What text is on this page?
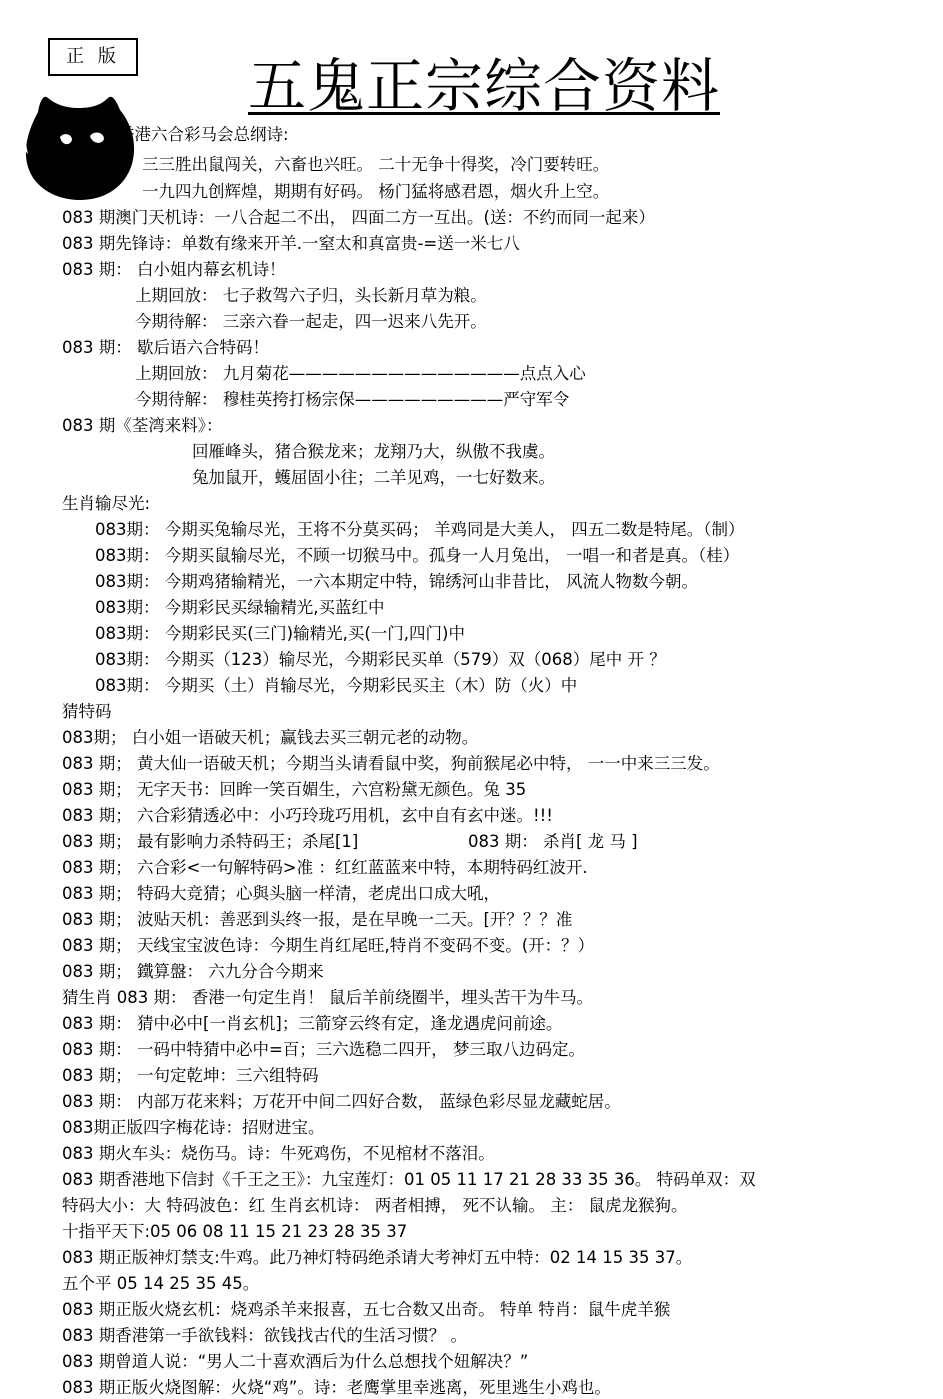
正 版	五鬼正宗综合资料
香港六合彩马会总纲诗:
三三胜出鼠闯关，六畜也兴旺。 二十无争十得奖，冷门要转旺。
一九四九创辉煌，期期有好码。 杨门猛将感君恩，烟火升上空。
083 期澳门天机诗：一八合起二不出， 四面二方一互出。(送：不约而同一起来）
083 期先锋诗：单数有缘来开羊.一窒太和真富贵-=送一米七八
083 期： 白小姐内幕玄机诗！
上期回放： 七子救驾六子归，头长新月草为粮。
今期待解： 三亲六眷一起走，四一迟来八先开。
083 期： 歇后语六合特码！
上期回放： 九月菊花——————————————点点入心
今期待解： 穆桂英挎打杨宗保—————————严守军令
083 期《荃湾来料》：
回雁峰头，猪合猴龙来；龙翔乃大，纵傲不我虞。
兔加鼠开，蠖屈固小往；二羊见鸡，一七好数来。
生肖输尽光:
083期： 今期买兔输尽光，王将不分莫买码； 羊鸡同是大美人， 四五二数是特尾。（制）
083期： 今期买鼠输尽光，不顾一切猴马中。孤身一人月兔出， 一唱一和者是真。（桂）
083期： 今期鸡猪输精光，一六本期定中特，锦绣河山非昔比， 风流人物数今朝。
083期： 今期彩民买绿输精光,买蓝红中
083期： 今期彩民买(三门)输精光,买(一门,四门)中
083期： 今期买（123）输尽光，今期彩民买单（579）双（068）尾中 开 ？
083期： 今期买（土）肖输尽光，今期彩民买主（木）防（火）中
猜特码
083期； 白小姐一语破天机；赢钱去买三朝元老的动物。
083 期； 黄大仙一语破天机；今期当头请看鼠中奖，狗前猴尾必中特， 一一中来三三发。
083 期； 无字天书：回眸一笑百媚生，六宫粉黛无颜色。兔 35
083 期； 六合彩猜透必中：小巧玲珑巧用机，玄中自有玄中迷。!!!
083 期； 最有影响力杀特码王；杀尾[1]	083 期： 杀肖[ 龙 马 ]
083 期； 六合彩<一句解特码>准 ：红红蓝蓝来中特，本期特码红波开.
083 期； 特码大竞猜；心與头脑一样清，老虎出口成大吼，
083 期； 波贴天机：善恶到头终一报，是在早晚一二天。[开？？？准
083 期； 天线宝宝波色诗：今期生肖红尾旺,特肖不变码不变。(开：？）
083 期； 鐵算盤： 六九分合今期来
猜生肖 083 期： 香港一句定生肖！ 鼠后羊前绕圈半，埋头苦干为牛马。
083 期： 猜中必中[一肖玄机]；三箭穿云终有定，逢龙遇虎问前途。
083 期： 一码中特猜中必中=百；三六选稳二四开， 梦三取八边码定。
083 期； 一句定乾坤：三六组特码
083 期： 内部万花来料；万花开中间二四好合数， 蓝绿色彩尽显龙藏蛇居。
083期正版四字梅花诗：招财进宝。
083 期火车头：烧伤马。诗：牛死鸡伤，不见棺材不落泪。
083 期香港地下信封《千王之王》：九宝莲灯：01 05 11 17 21 28 33 35 36。 特码单双：双
特码大小：大 特码波色：红 生肖玄机诗： 两者相搏， 死不认输。 主： 鼠虎龙猴狗。
十指平天下:05 06 08 11 15 21 23 28 35 37
083 期正版神灯禁支:牛鸡。此乃神灯特码绝杀请大考神灯五中特：02 14 15 35 37。
五个平 05 14 25 35 45。
083 期正版火烧玄机：烧鸡杀羊来报喜，五七合数又出奇。 特单 特肖：鼠牛虎羊猴
083 期香港第一手欲钱料：欲钱找古代的生活习惯？ 。
083 期曾道人说：“男人二十喜欢酒后为什么总想找个妞解决？”
083 期正版火烧图解：火烧“鸡”。诗：老鹰掌里幸逃离，死里逃生小鸡也。
